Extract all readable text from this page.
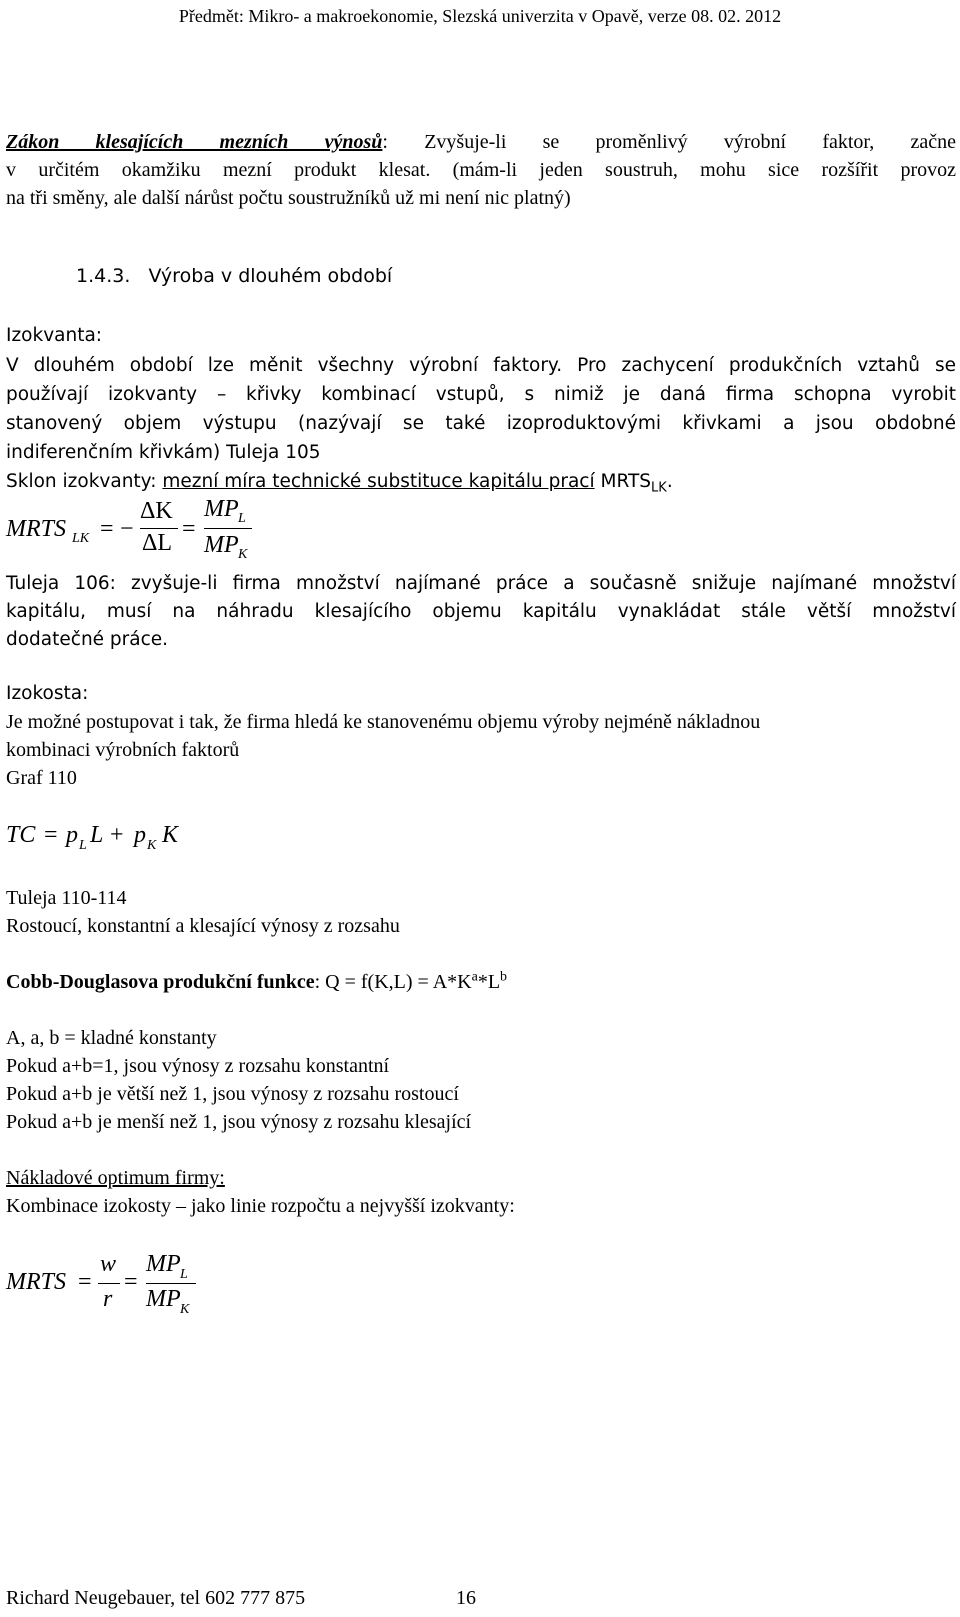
Předmět: Mikro- a makroekonomie, Slezská univerzita v Opavě, verze 08. 02. 2012
Zákon klesajících mezních výnosů: Zvyšuje-li se proměnlivý výrobní faktor, začne
v určitém okamžiku mezní produkt klesat. (mám-li jeden soustruh, mohu sice rozšířit provoz
na tři směny, ale další nárůst počtu soustružníků už mi není nic platný)
1.4.3. Výroba v dlouhém období
Izokvanta:
V dlouhém období lze měnit všechny výrobní faktory. Pro zachycení produkčních vztahů se
používají izokvanty – křivky kombinací vstupů, s nimiž je daná firma schopna vyrobit
stanovený objem výstupu (nazývají se také izoproduktovými křivkami a jsou obdobné
indiferenčním křivkám) Tuleja 105
Sklon izokvanty: mezní míra technické substituce kapitálu prací $MRTS_{LK}$.
MRTS LK = −
ΔK
ΔL
=
MP L
MP K
Tuleja 106: zvyšuje-li firma množství najímané práce a současně snižuje najímané množství
kapitálu, musí na náhradu klesajícího objemu kapitálu vynakládat stále větší množství
dodatečné práce.
Izokosta:
Je možné postupovat i tak, že firma hledá ke stanovenému objemu výroby nejméně nákladnou
kombinaci výrobních faktorů
Graf 110
TC = p L L + p K K
Tuleja 110-114
Rostoucí, konstantní a klesající výnosy z rozsahu
Cobb-Douglasova produkční funkce: $Q = f(K,L) = A*K^a*L^b$
A, a, b = kladné konstanty
Pokud a+b=1, jsou výnosy z rozsahu konstantní
Pokud a+b je větší než 1, jsou výnosy z rozsahu rostoucí
Pokud a+b je menší než 1, jsou výnosy z rozsahu klesající
Nákladové optimum firmy:
Kombinace izokosty – jako linie rozpočtu a nejvyšší izokvanty:
MRTS =
w
r
=
MP L
MP K
Richard Neugebauer, tel 602 777 875	16
